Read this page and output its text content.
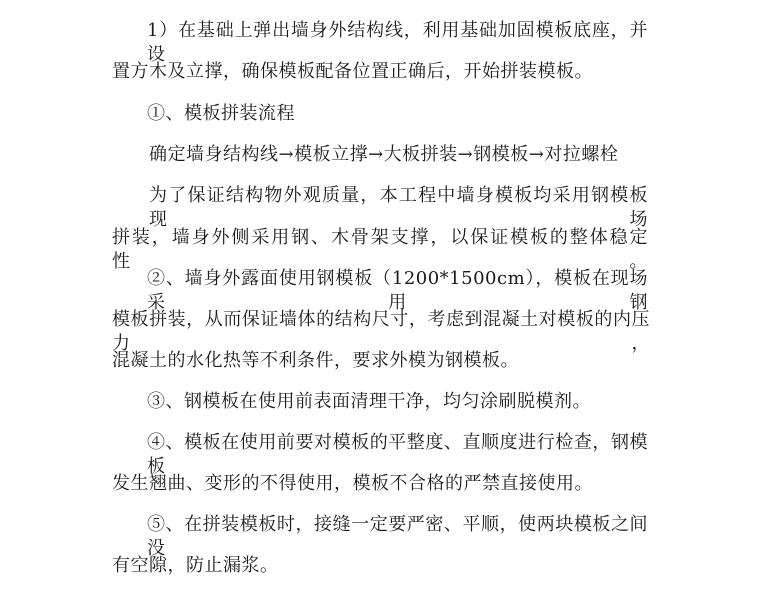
1）在基础上弹出墙身外结构线，利用基础加固模板底座，并设
置方木及立撑，确保模板配备位置正确后，开始拼装模板。
①、模板拼装流程
确定墙身结构线→模板立撑→大板拼装→钢模板→对拉螺栓
为了保证结构物外观质量，本工程中墙身模板均采用钢模板现场
拼装，墙身外侧采用钢、木骨架支撑，以保证模板的整体稳定性。
②、墙身外露面使用钢模板（1200*1500cm），模板在现场采用钢
模板拼装，从而保证墙体的结构尺寸，考虑到混凝土对模板的内压力，
混凝土的水化热等不利条件，要求外模为钢模板。
③、钢模板在使用前表面清理干净，均匀涂刷脱模剂。
④、模板在使用前要对模板的平整度、直顺度进行检查，钢模板
发生翘曲、变形的不得使用，模板不合格的严禁直接使用。
⑤、在拼装模板时，接缝一定要严密、平顺，使两块模板之间没
有空隙，防止漏浆。
